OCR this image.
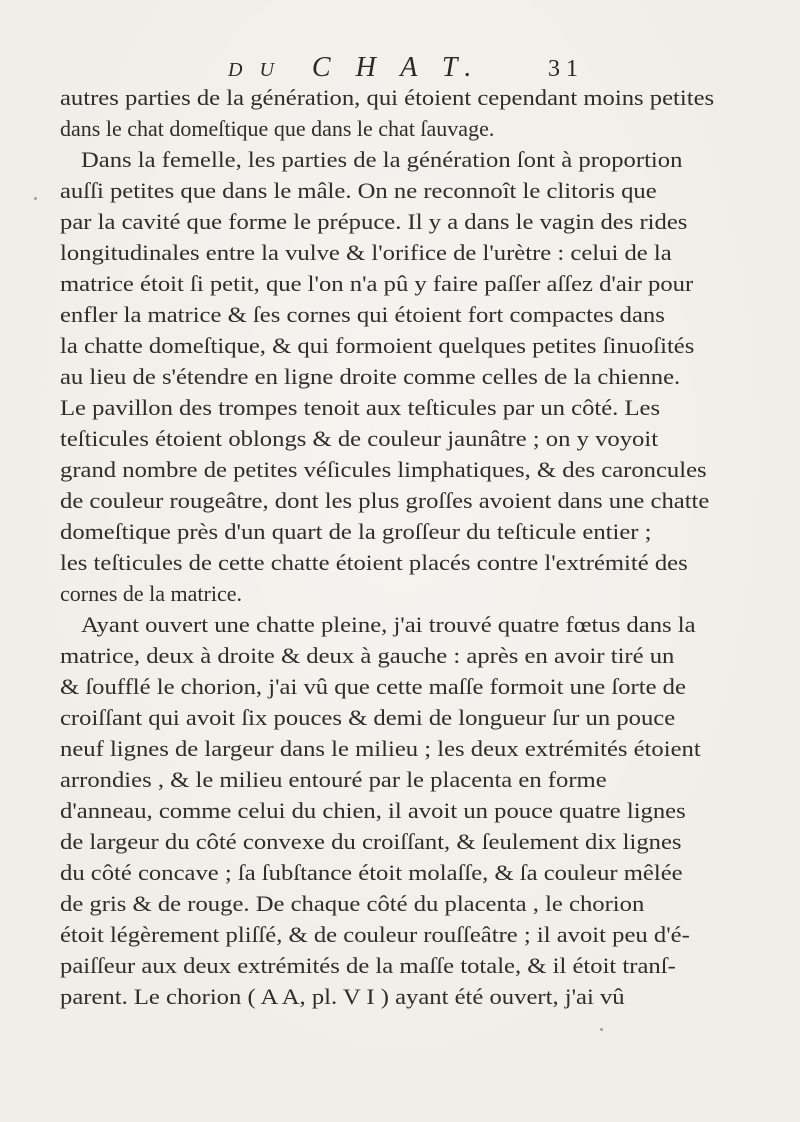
D U C H A T.	3 1
autres parties de la génération, qui étoient cependant moins petites
dans le chat domeſtique que dans le chat ſauvage.
Dans la femelle, les parties de la génération ſont à proportion
auſſi petites que dans le mâle. On ne reconnoît le clitoris que
par la cavité que forme le prépuce. Il y a dans le vagin des rides
longitudinales entre la vulve & l'orifice de l'urètre : celui de la
matrice étoit ſi petit, que l'on n'a pû y faire paſſer aſſez d'air pour
enfler la matrice & ſes cornes qui étoient fort compactes dans
la chatte domeſtique, & qui formoient quelques petites ſinuoſités
au lieu de s'étendre en ligne droite comme celles de la chienne.
Le pavillon des trompes tenoit aux teſticules par un côté. Les
teſticules étoient oblongs & de couleur jaunâtre ; on y voyoit
grand nombre de petites véſicules limphatiques, & des caroncules
de couleur rougeâtre, dont les plus groſſes avoient dans une chatte
domeſtique près d'un quart de la groſſeur du teſticule entier ;
les teſticules de cette chatte étoient placés contre l'extrémité des
cornes de la matrice.
Ayant ouvert une chatte pleine, j'ai trouvé quatre fœtus dans la
matrice, deux à droite & deux à gauche : après en avoir tiré un
& ſoufflé le chorion, j'ai vû que cette maſſe formoit une ſorte de
croiſſant qui avoit ſix pouces & demi de longueur ſur un pouce
neuf lignes de largeur dans le milieu ; les deux extrémités étoient
arrondies , & le milieu entouré par le placenta en forme
d'anneau, comme celui du chien, il avoit un pouce quatre lignes
de largeur du côté convexe du croiſſant, & ſeulement dix lignes
du côté concave ; ſa ſubſtance étoit molaſſe, & ſa couleur mêlée
de gris & de rouge. De chaque côté du placenta , le chorion
étoit légèrement pliſſé, & de couleur rouſſeâtre ; il avoit peu d'é-
paiſſeur aux deux extrémités de la maſſe totale, & il étoit tranſ-
parent. Le chorion ( A A, pl. V I ) ayant été ouvert, j'ai vû
